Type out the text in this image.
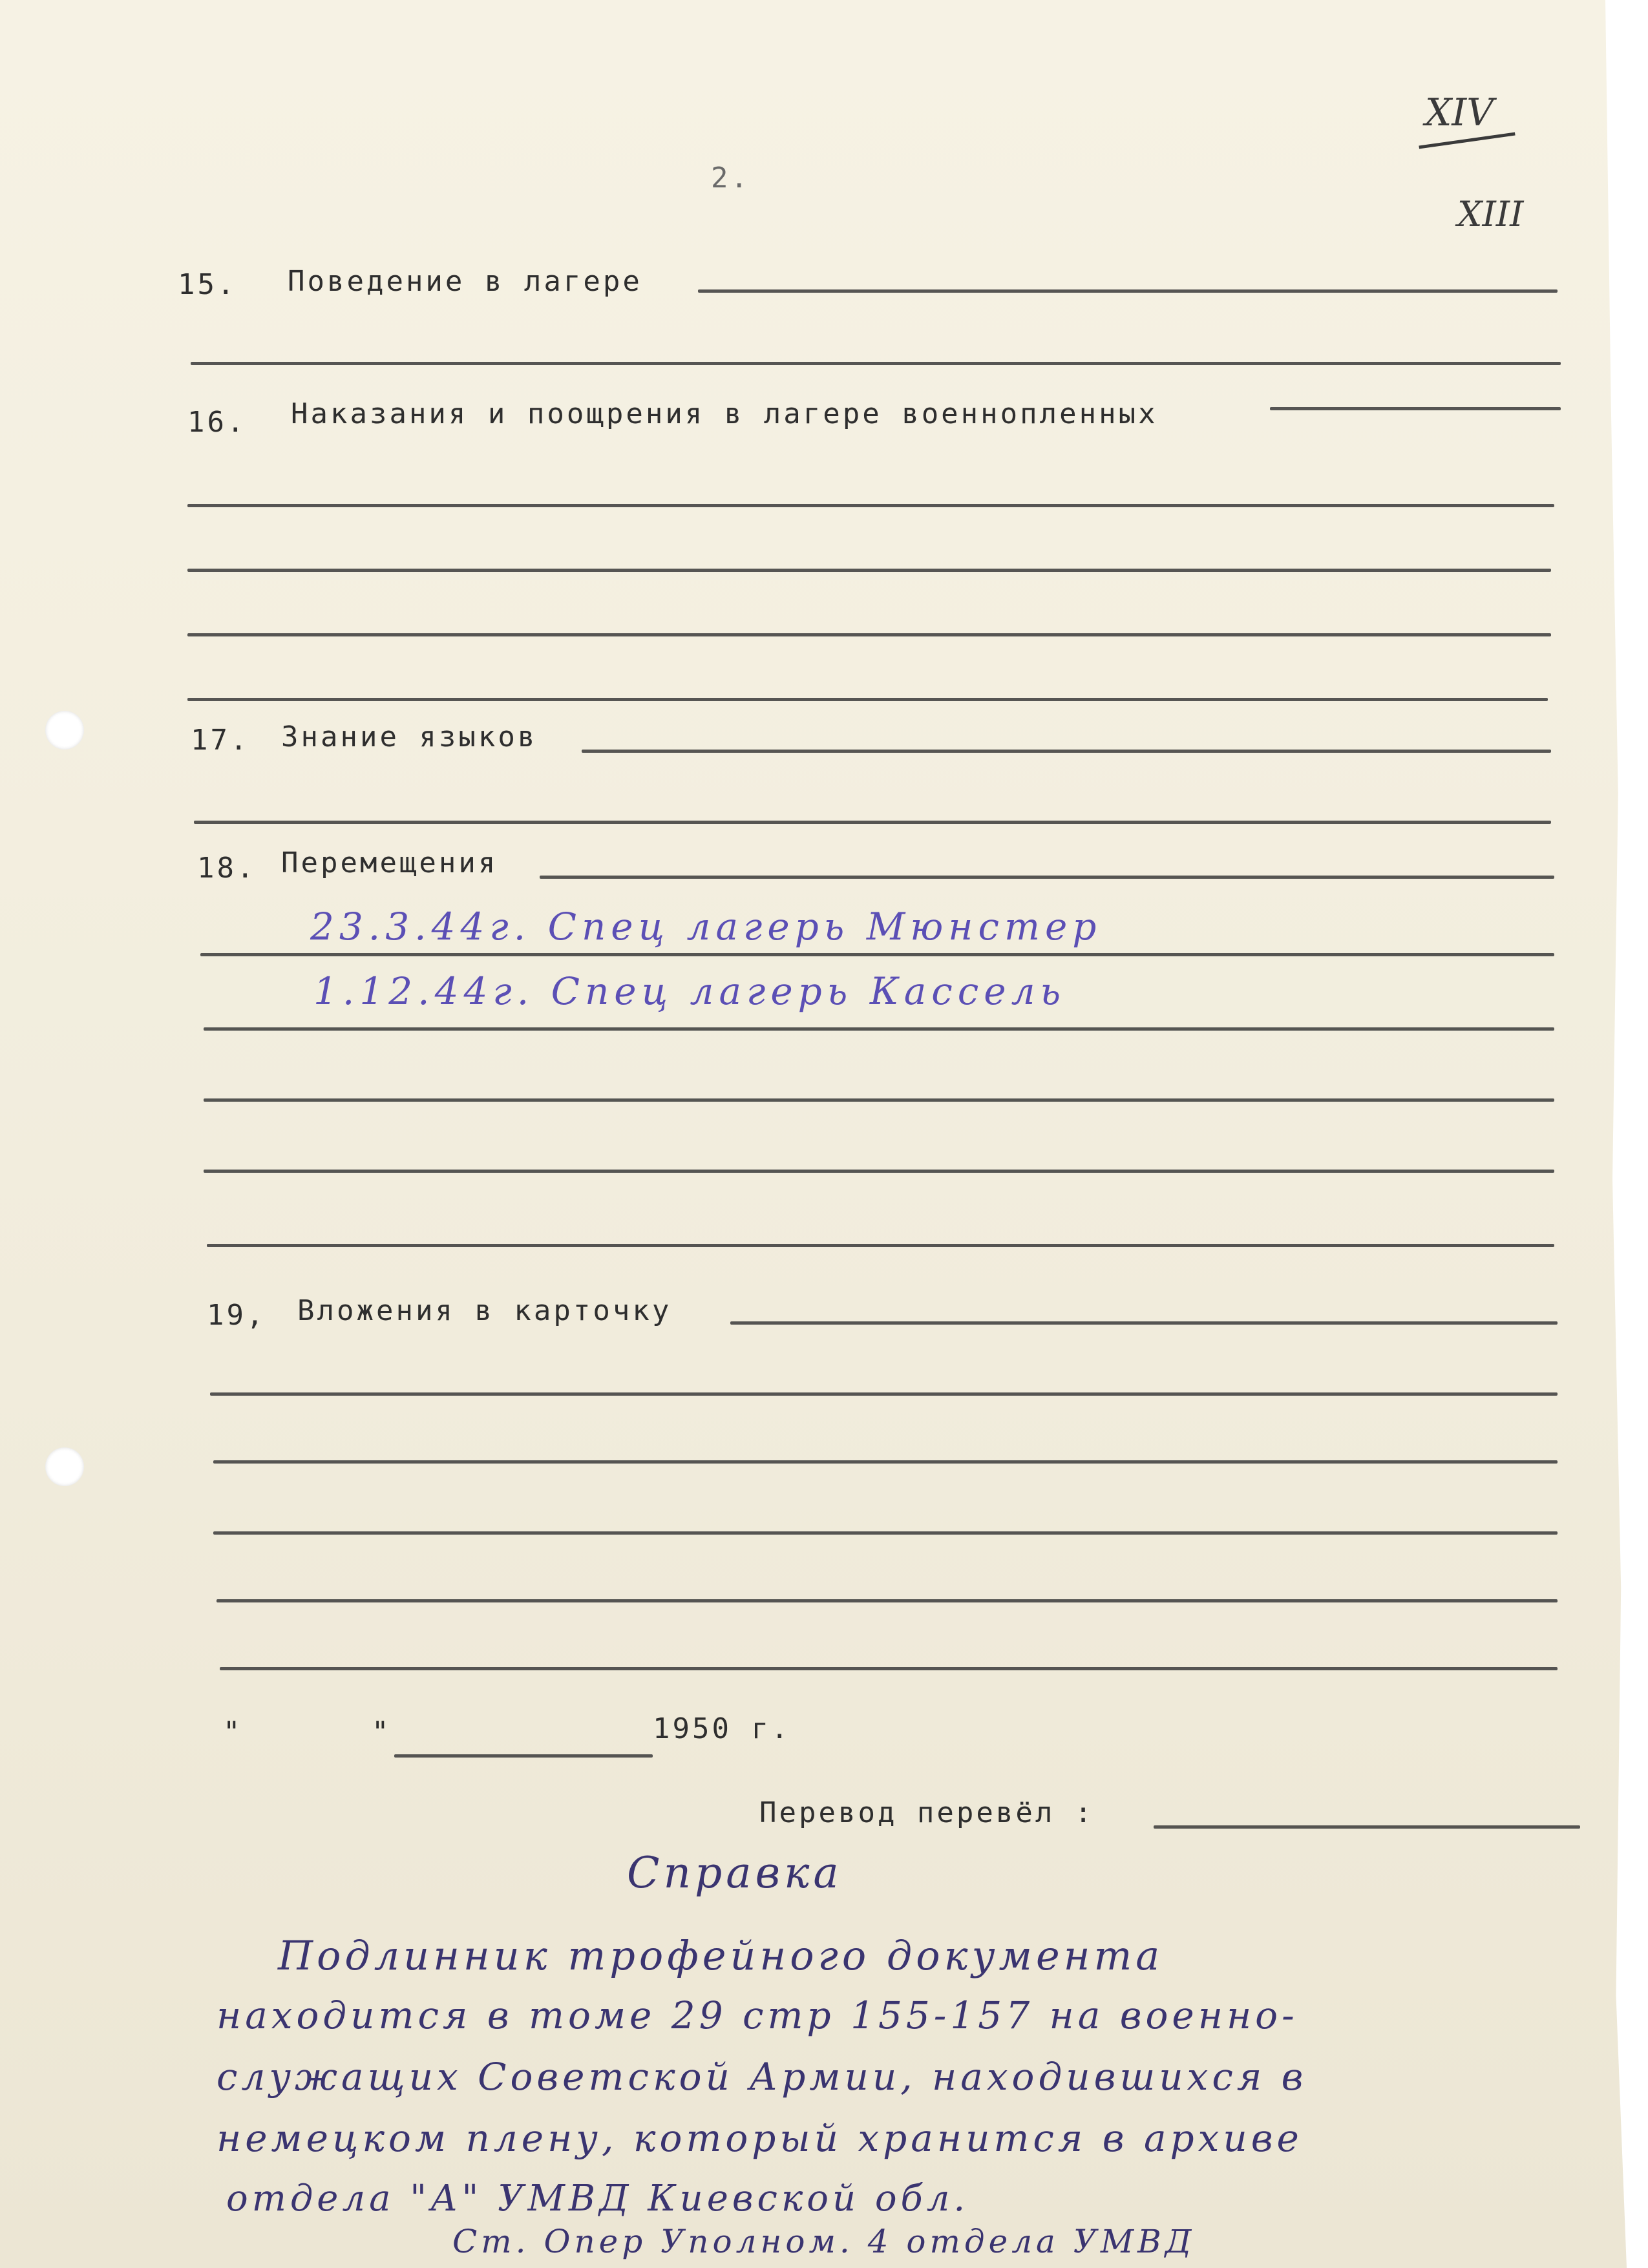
XIV
XIII
2.
15. Поведение в лагере
16. Наказания и поощрения в лагере военнопленных
17. Знание языков
18. Перемещения
23.3.44г. Спец лагерь Мюнстер
1.12.44г. Спец лагерь Кассель
19, Вложения в карточку
"	"	1950 г.
Перевод перевёл :
Справка
Подлинник трофейного документа
находится в томе 29 стр 155-157 на военно-
служащих Советской Армии, находившихся в
немецком плену, который хранится в архиве
отдела "А" УМВД Киевской обл.
Ст. Опер Уполном. 4 отдела УМВД
